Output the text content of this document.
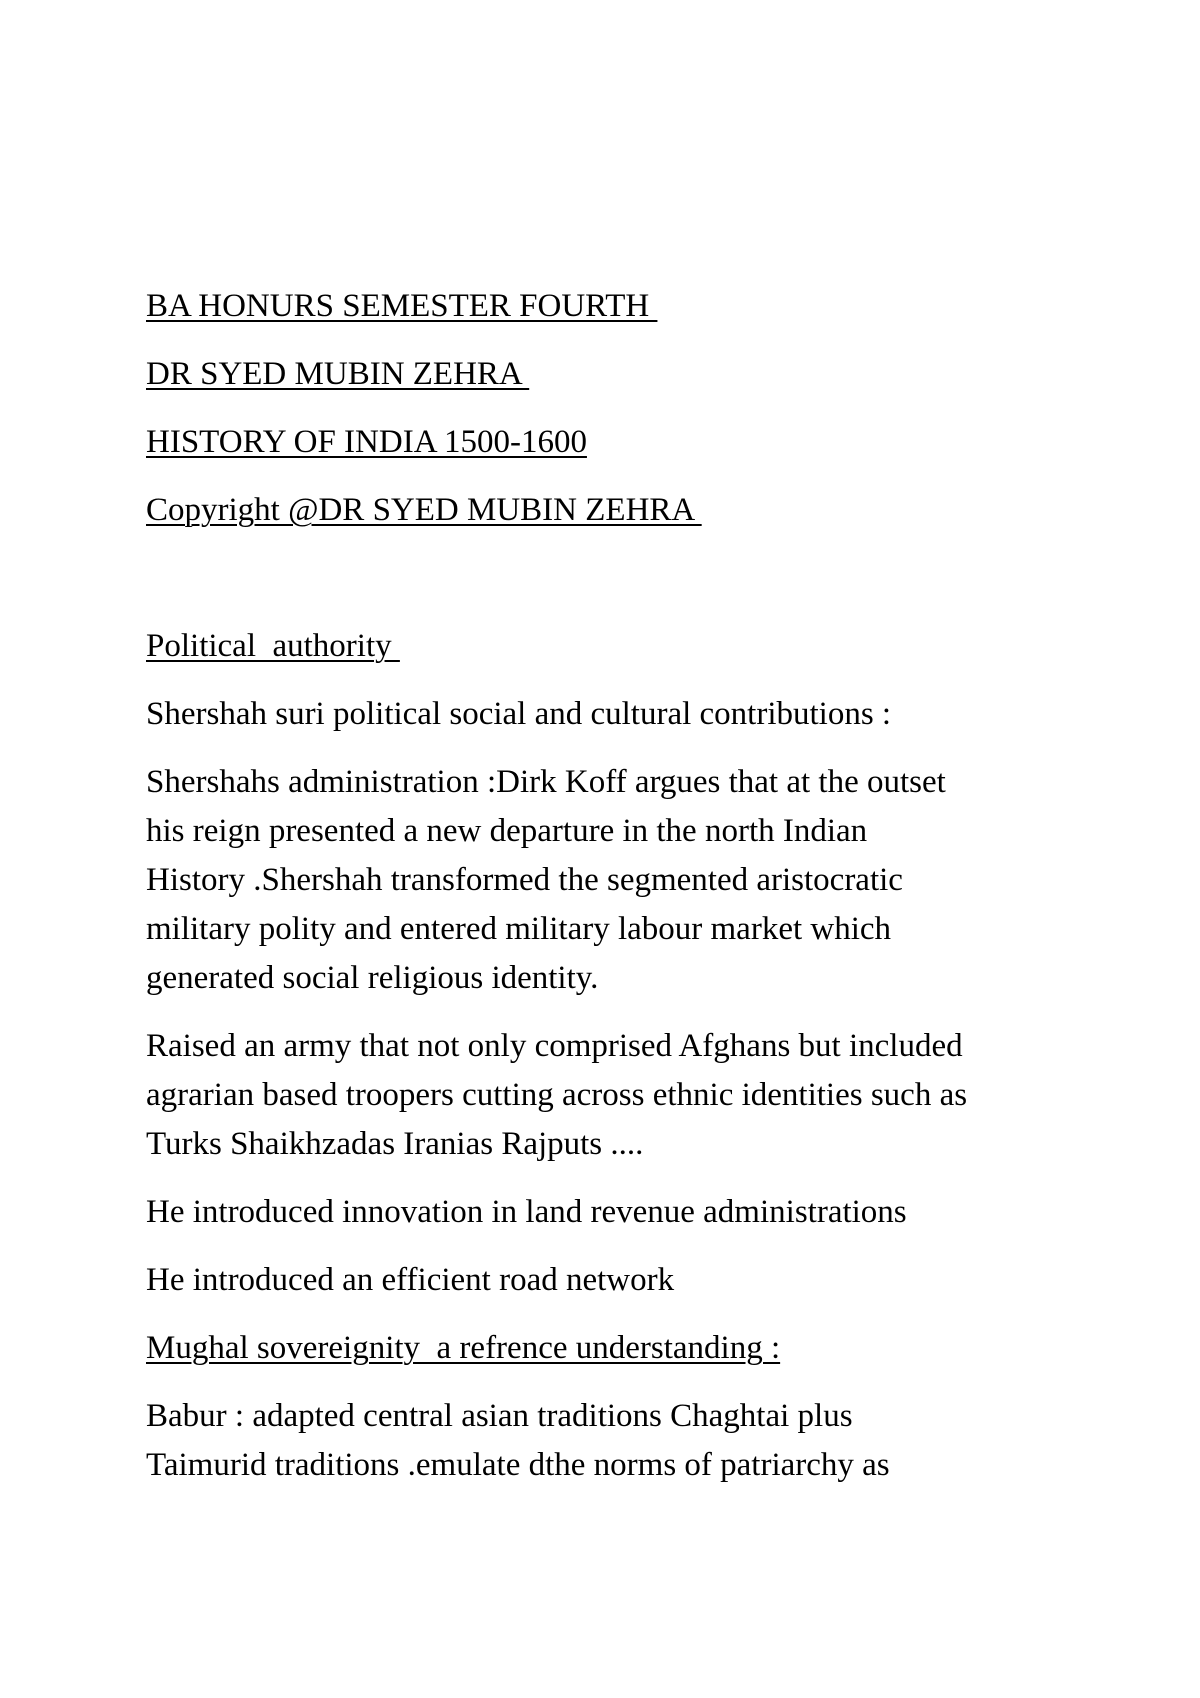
BA HONURS SEMESTER FOURTH

DR SYED MUBIN ZEHRA

HISTORY OF INDIA 1500-1600

Copyright @DR SYED MUBIN ZEHRA

Political  authority

Shershah suri political social and cultural contributions :

Shershahs administration :Dirk Koff argues that at the outset

his reign presented a new departure in the north Indian

History .Shershah transformed the segmented aristocratic

military polity and entered military labour market which

generated social religious identity.

Raised an army that not only comprised Afghans but included

agrarian based troopers cutting across ethnic identities such as

Turks Shaikhzadas Iranias Rajputs ....

He introduced innovation in land revenue administrations

He introduced an efficient road network

Mughal sovereignity  a refrence understanding :

Babur : adapted central asian traditions Chaghtai plus

Taimurid traditions .emulate dthe norms of patriarchy as
